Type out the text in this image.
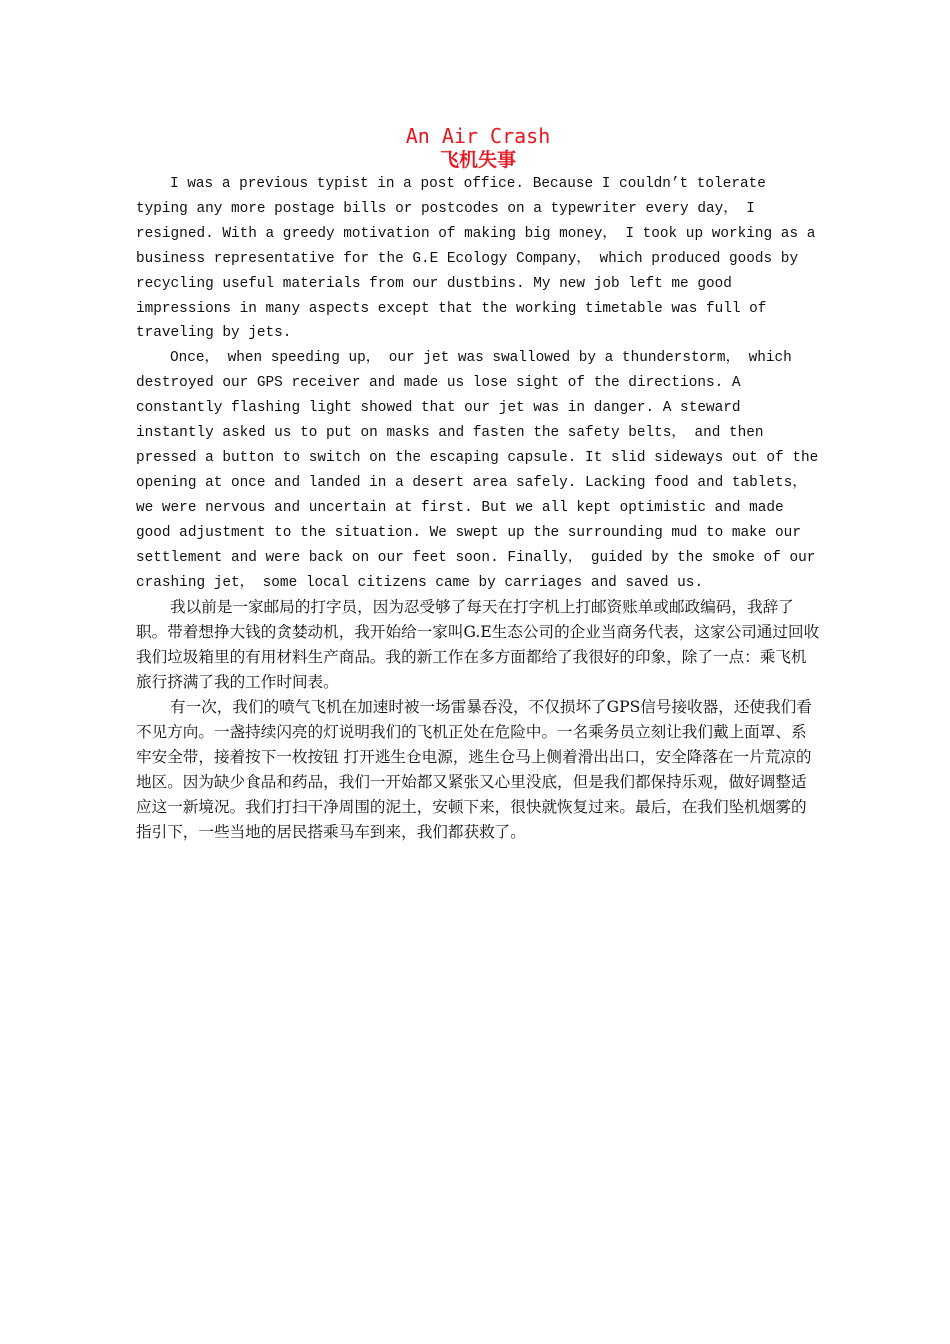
An Air Crash
飞机失事

I was a previous typist in a post office. Because I couldn’t tolerate typing any more postage bills or postcodes on a typewriter every day， I resigned. With a greedy motivation of making big money， I took up working as a business representative for the G.E Ecology Company， which produced goods by recycling useful materials from our dustbins. My new job left me good impressions in many aspects except that the working timetable was full of traveling by jets.

Once， when speeding up， our jet was swallowed by a thunderstorm， which destroyed our GPS receiver and made us lose sight of the directions. A constantly flashing light showed that our jet was in danger. A steward instantly asked us to put on masks and fasten the safety belts， and then pressed a button to switch on the escaping capsule. It slid sideways out of the opening at once and landed in a desert area safely. Lacking food and tablets， we were nervous and uncertain at first. But we all kept optimistic and made good adjustment to the situation. We swept up the surrounding mud to make our settlement and were back on our feet soon. Finally， guided by the smoke of our crashing jet， some local citizens came by carriages and saved us.

我以前是一家邮局的打字员，因为忍受够了每天在打字机上打邮资账单或邮政编码，我辞了职。带着想挣大钱的贪婪动机，我开始给一家叫G.E生态公司的企业当商务代表，这家公司通过回收我们垃圾箱里的有用材料生产商品。我的新工作在多方面都给了我很好的印象，除了一点：乘飞机旅行挤满了我的工作时间表。

有一次，我们的喷气飞机在加速时被一场雷暴吞没，不仅损坏了GPS信号接收器，还使我们看不见方向。一盏持续闪亮的灯说明我们的飞机正处在危险中。一名乘务员立刻让我们戴上面罩、系牢安全带，接着按下一枚按钮 打开逃生仓电源，逃生仓马上侧着滑出出口，安全降落在一片荒凉的地区。因为缺少食品和药品，我们一开始都又紧张又心里没底，但是我们都保持乐观，做好调整适应这一新境况。我们打扫干净周围的泥土，安顿下来，很快就恢复过来。最后，在我们坠机烟雾的指引下，一些当地的居民搭乘马车到来，我们都获救了。
